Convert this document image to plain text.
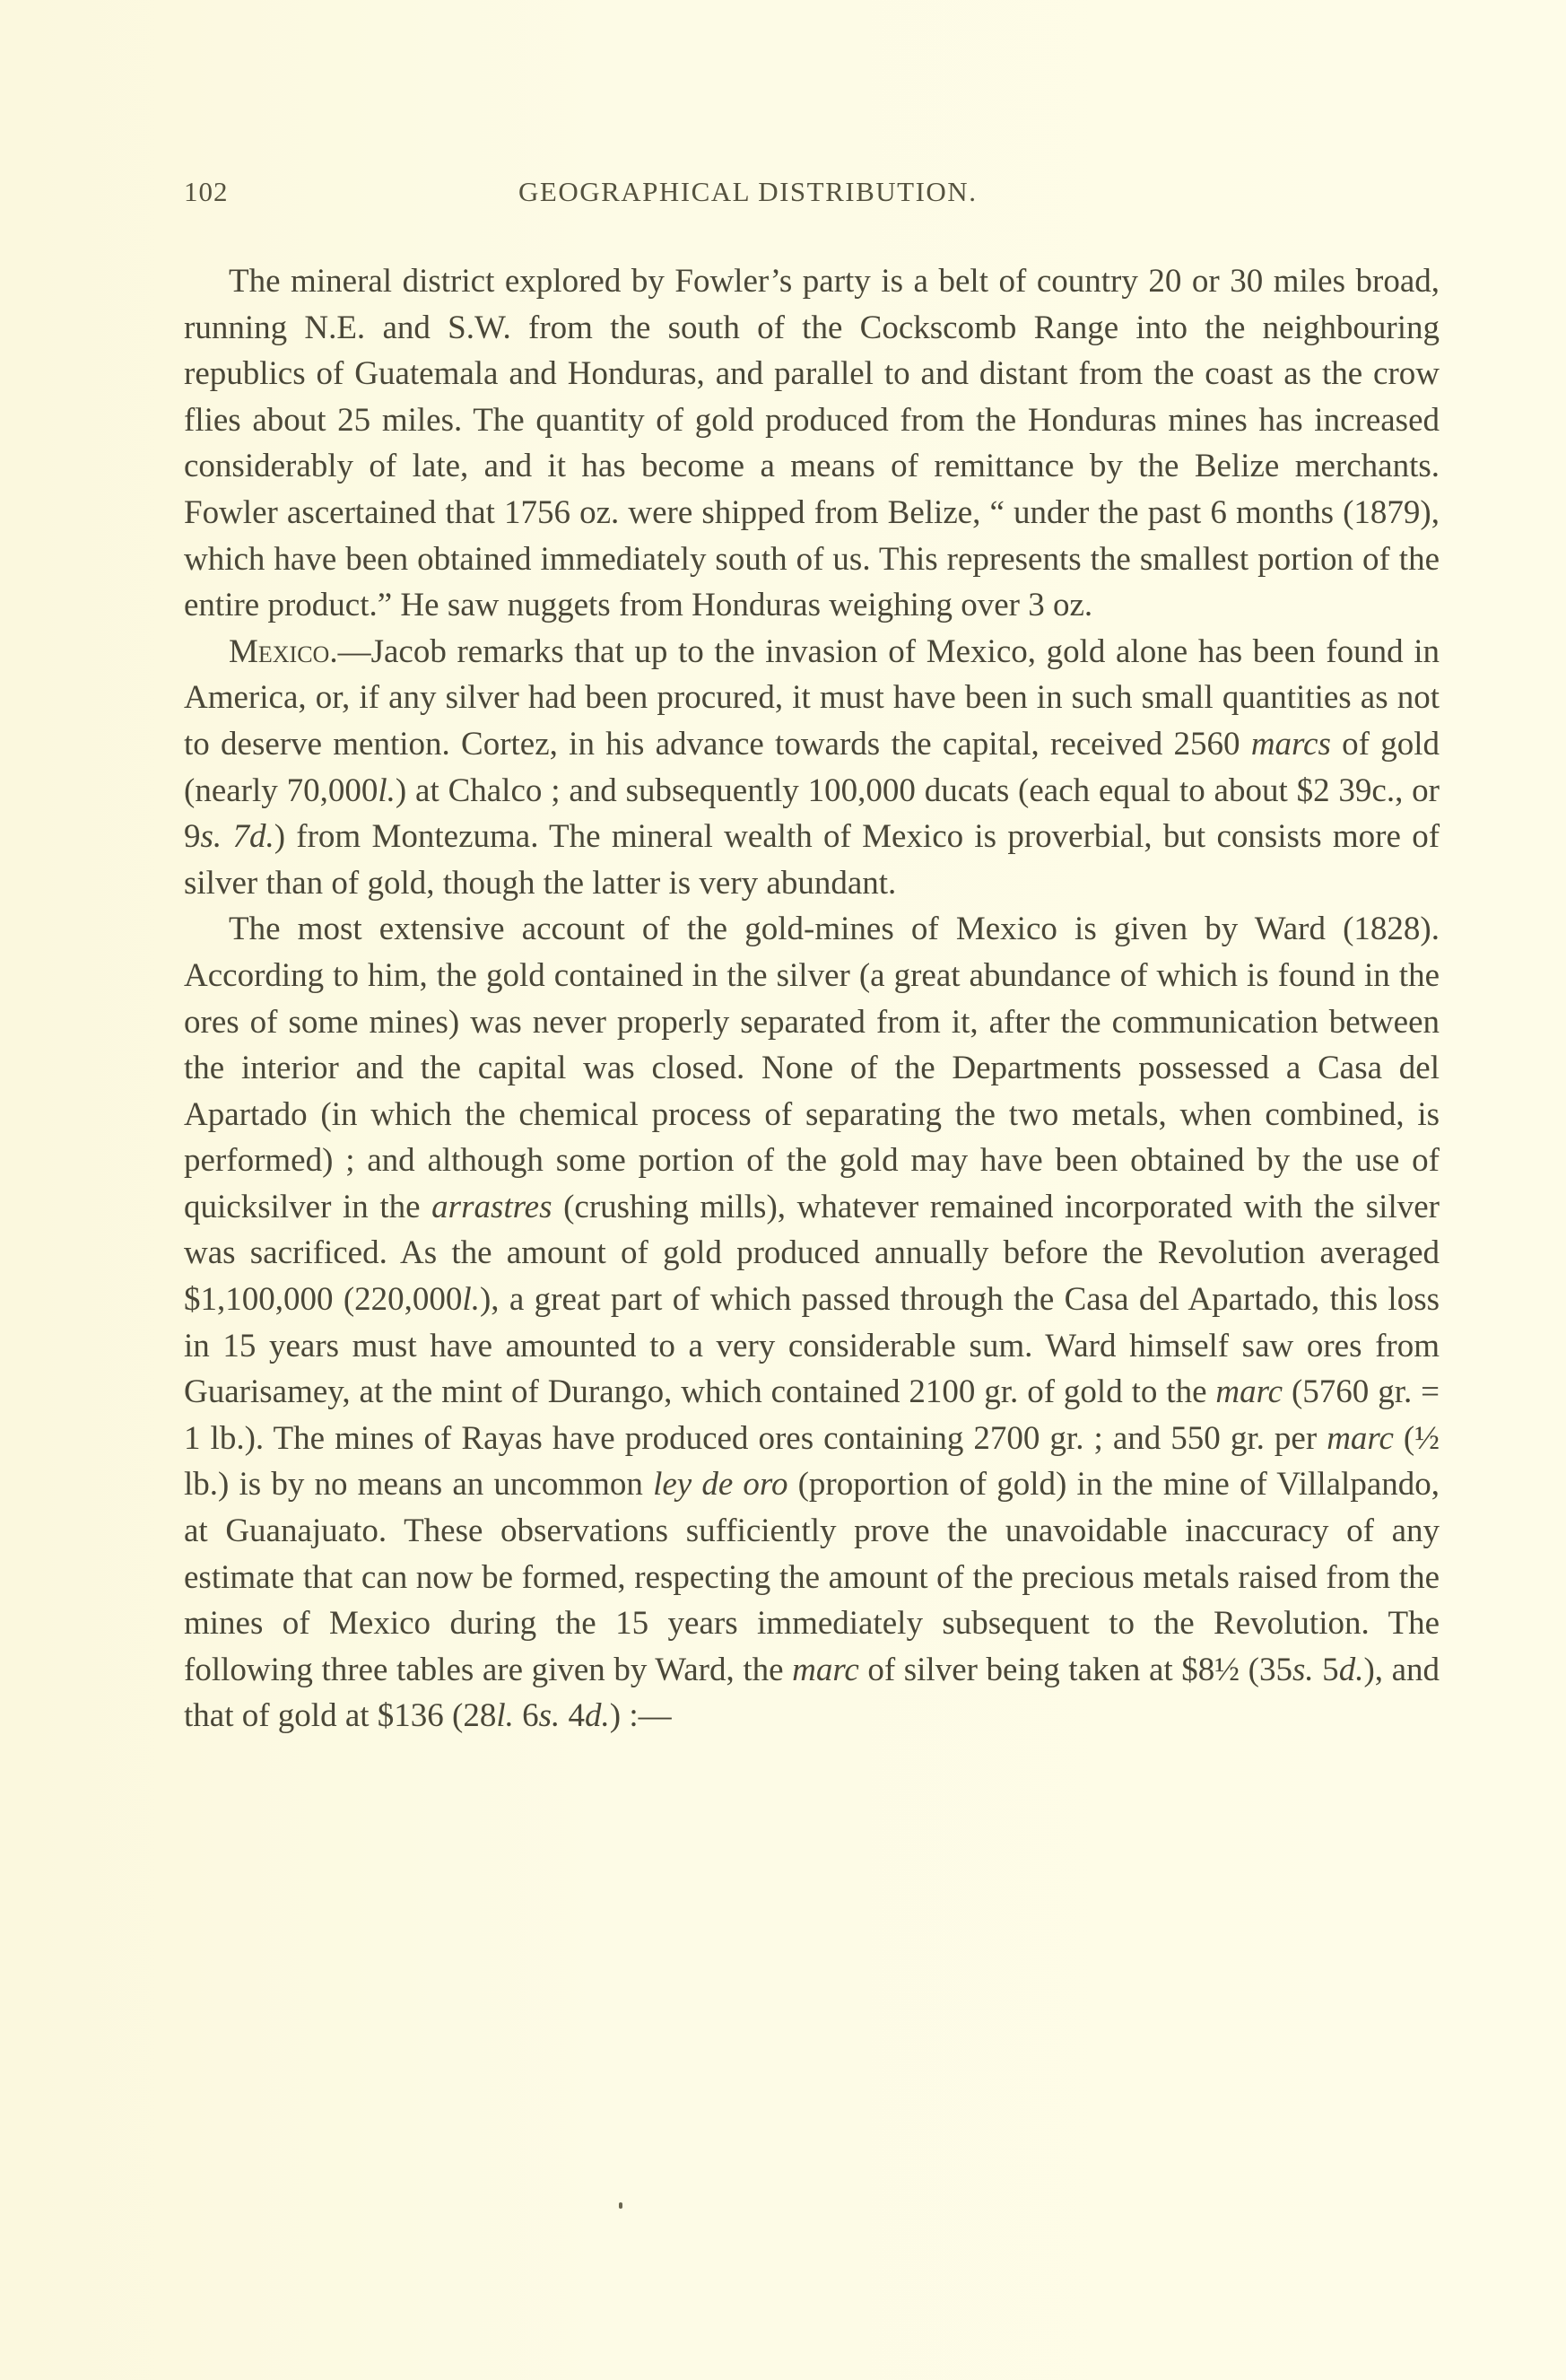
102	GEOGRAPHICAL DISTRIBUTION.

The mineral district explored by Fowler’s party is a belt of country 20 or 30 miles broad, running N.E. and S.W. from the south of the Cockscomb Range into the neighbouring republics of Guatemala and Honduras, and parallel to and distant from the coast as the crow flies about 25 miles. The quantity of gold produced from the Honduras mines has increased considerably of late, and it has become a means of remittance by the Belize merchants. Fowler ascertained that 1756 oz. were shipped from Belize, “ under the past 6 months (1879), which have been obtained immediately south of us. This represents the smallest portion of the entire product.” He saw nuggets from Honduras weighing over 3 oz.

Mexico.—Jacob remarks that up to the invasion of Mexico, gold alone has been found in America, or, if any silver had been procured, it must have been in such small quantities as not to deserve mention. Cortez, in his advance towards the capital, received 2560 marcs of gold (nearly 70,000l.) at Chalco ; and subsequently 100,000 ducats (each equal to about $2 39c., or 9s. 7d.) from Montezuma. The mineral wealth of Mexico is proverbial, but consists more of silver than of gold, though the latter is very abundant.

The most extensive account of the gold-mines of Mexico is given by Ward (1828). According to him, the gold contained in the silver (a great abundance of which is found in the ores of some mines) was never properly separated from it, after the communication between the interior and the capital was closed. None of the Departments possessed a Casa del Apartado (in which the chemical process of separating the two metals, when combined, is performed) ; and although some portion of the gold may have been obtained by the use of quicksilver in the arrastres (crushing mills), whatever remained incorporated with the silver was sacrificed. As the amount of gold produced annually before the Revolution averaged $1,100,000 (220,000l.), a great part of which passed through the Casa del Apartado, this loss in 15 years must have amounted to a very considerable sum. Ward himself saw ores from Guarisamey, at the mint of Durango, which contained 2100 gr. of gold to the marc (5760 gr. = 1 lb.). The mines of Rayas have produced ores containing 2700 gr. ; and 550 gr. per marc (½ lb.) is by no means an uncommon ley de oro (proportion of gold) in the mine of Villalpando, at Guanajuato. These observations sufficiently prove the unavoidable inaccuracy of any estimate that can now be formed, respecting the amount of the precious metals raised from the mines of Mexico during the 15 years immediately subsequent to the Revolution. The following three tables are given by Ward, the marc of silver being taken at $8½ (35s. 5d.), and that of gold at $136 (28l. 6s. 4d.) :—
